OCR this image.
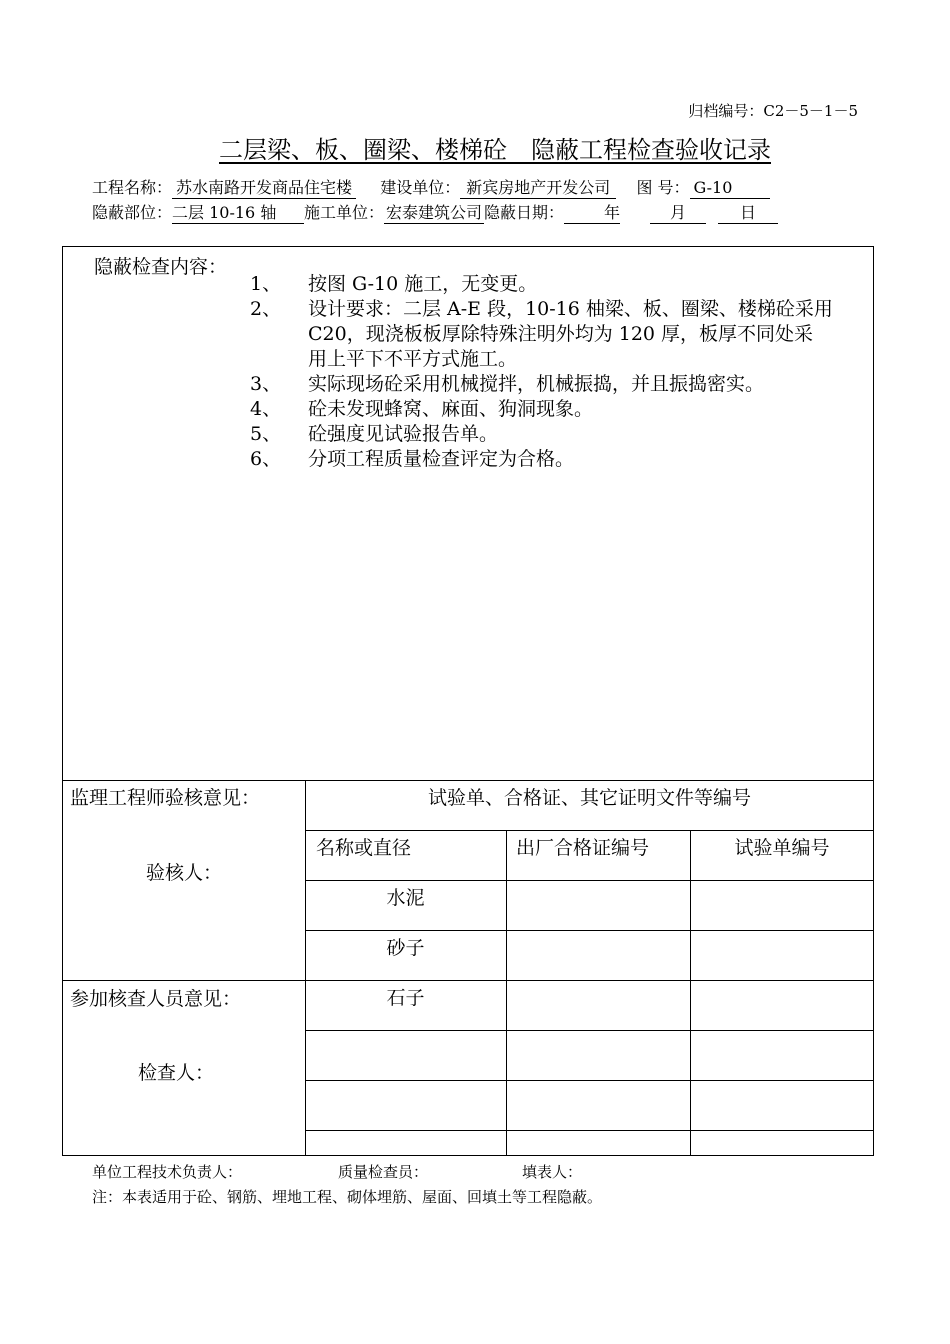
归档编号：C2－5－1－5
二层梁、板、圈梁、楼梯砼　隐蔽工程检查验收记录
工程名称： 苏水南路开发商品住宅楼 建设单位： 新宾房地产开发公司 图 号： G-10
隐蔽部位：二层 10-16 轴 施工单位： 宏泰建筑公司 隐蔽日期： 年	月	日
隐蔽检查内容：
1、 按图 G-10 施工，无变更。
2、 设计要求：二层 A-E 段，10-16 柚梁、板、圈梁、楼梯砼采用
C20，现浇板板厚除特殊注明外均为 120 厚，板厚不同处采
用上平下不平方式施工。
3、 实际现场砼采用机械搅拌，机械振捣，并且振捣密实。
4、 砼未发现蜂窝、麻面、狗洞现象。
5、 砼强度见试验报告单。
6、 分项工程质量检查评定为合格。
监理工程师验核意见：
验核人：
参加核查人员意见：
检查人：
试验单、合格证、其它证明文件等编号
名称或直径	出厂合格证编号	试验单编号
水泥
砂子
石子
单位工程技术负责人：	质量检查员：	填表人：
注：本表适用于砼、钢筋、埋地工程、砌体埋筋、屋面、回填土等工程隐蔽。
